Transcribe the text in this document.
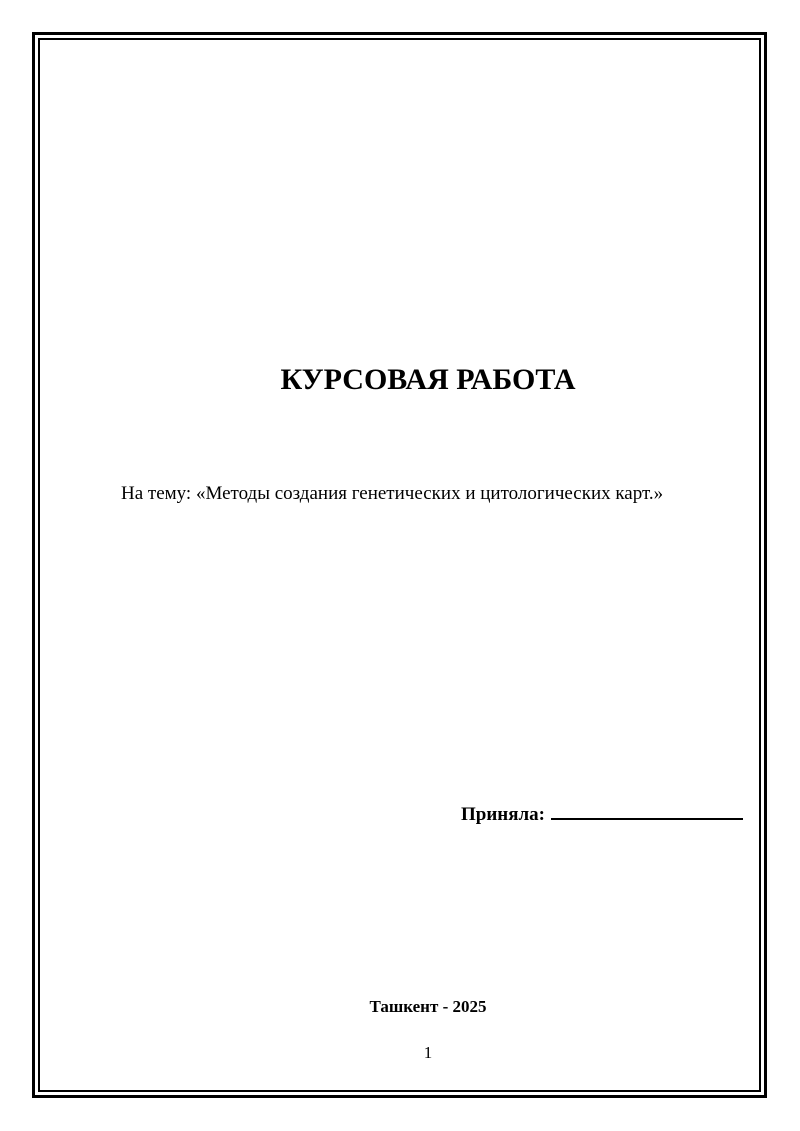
КУРСОВАЯ РАБОТА
На тему: «Методы создания генетических и цитологических карт.»
Приняла:
Ташкент - 2025
1
